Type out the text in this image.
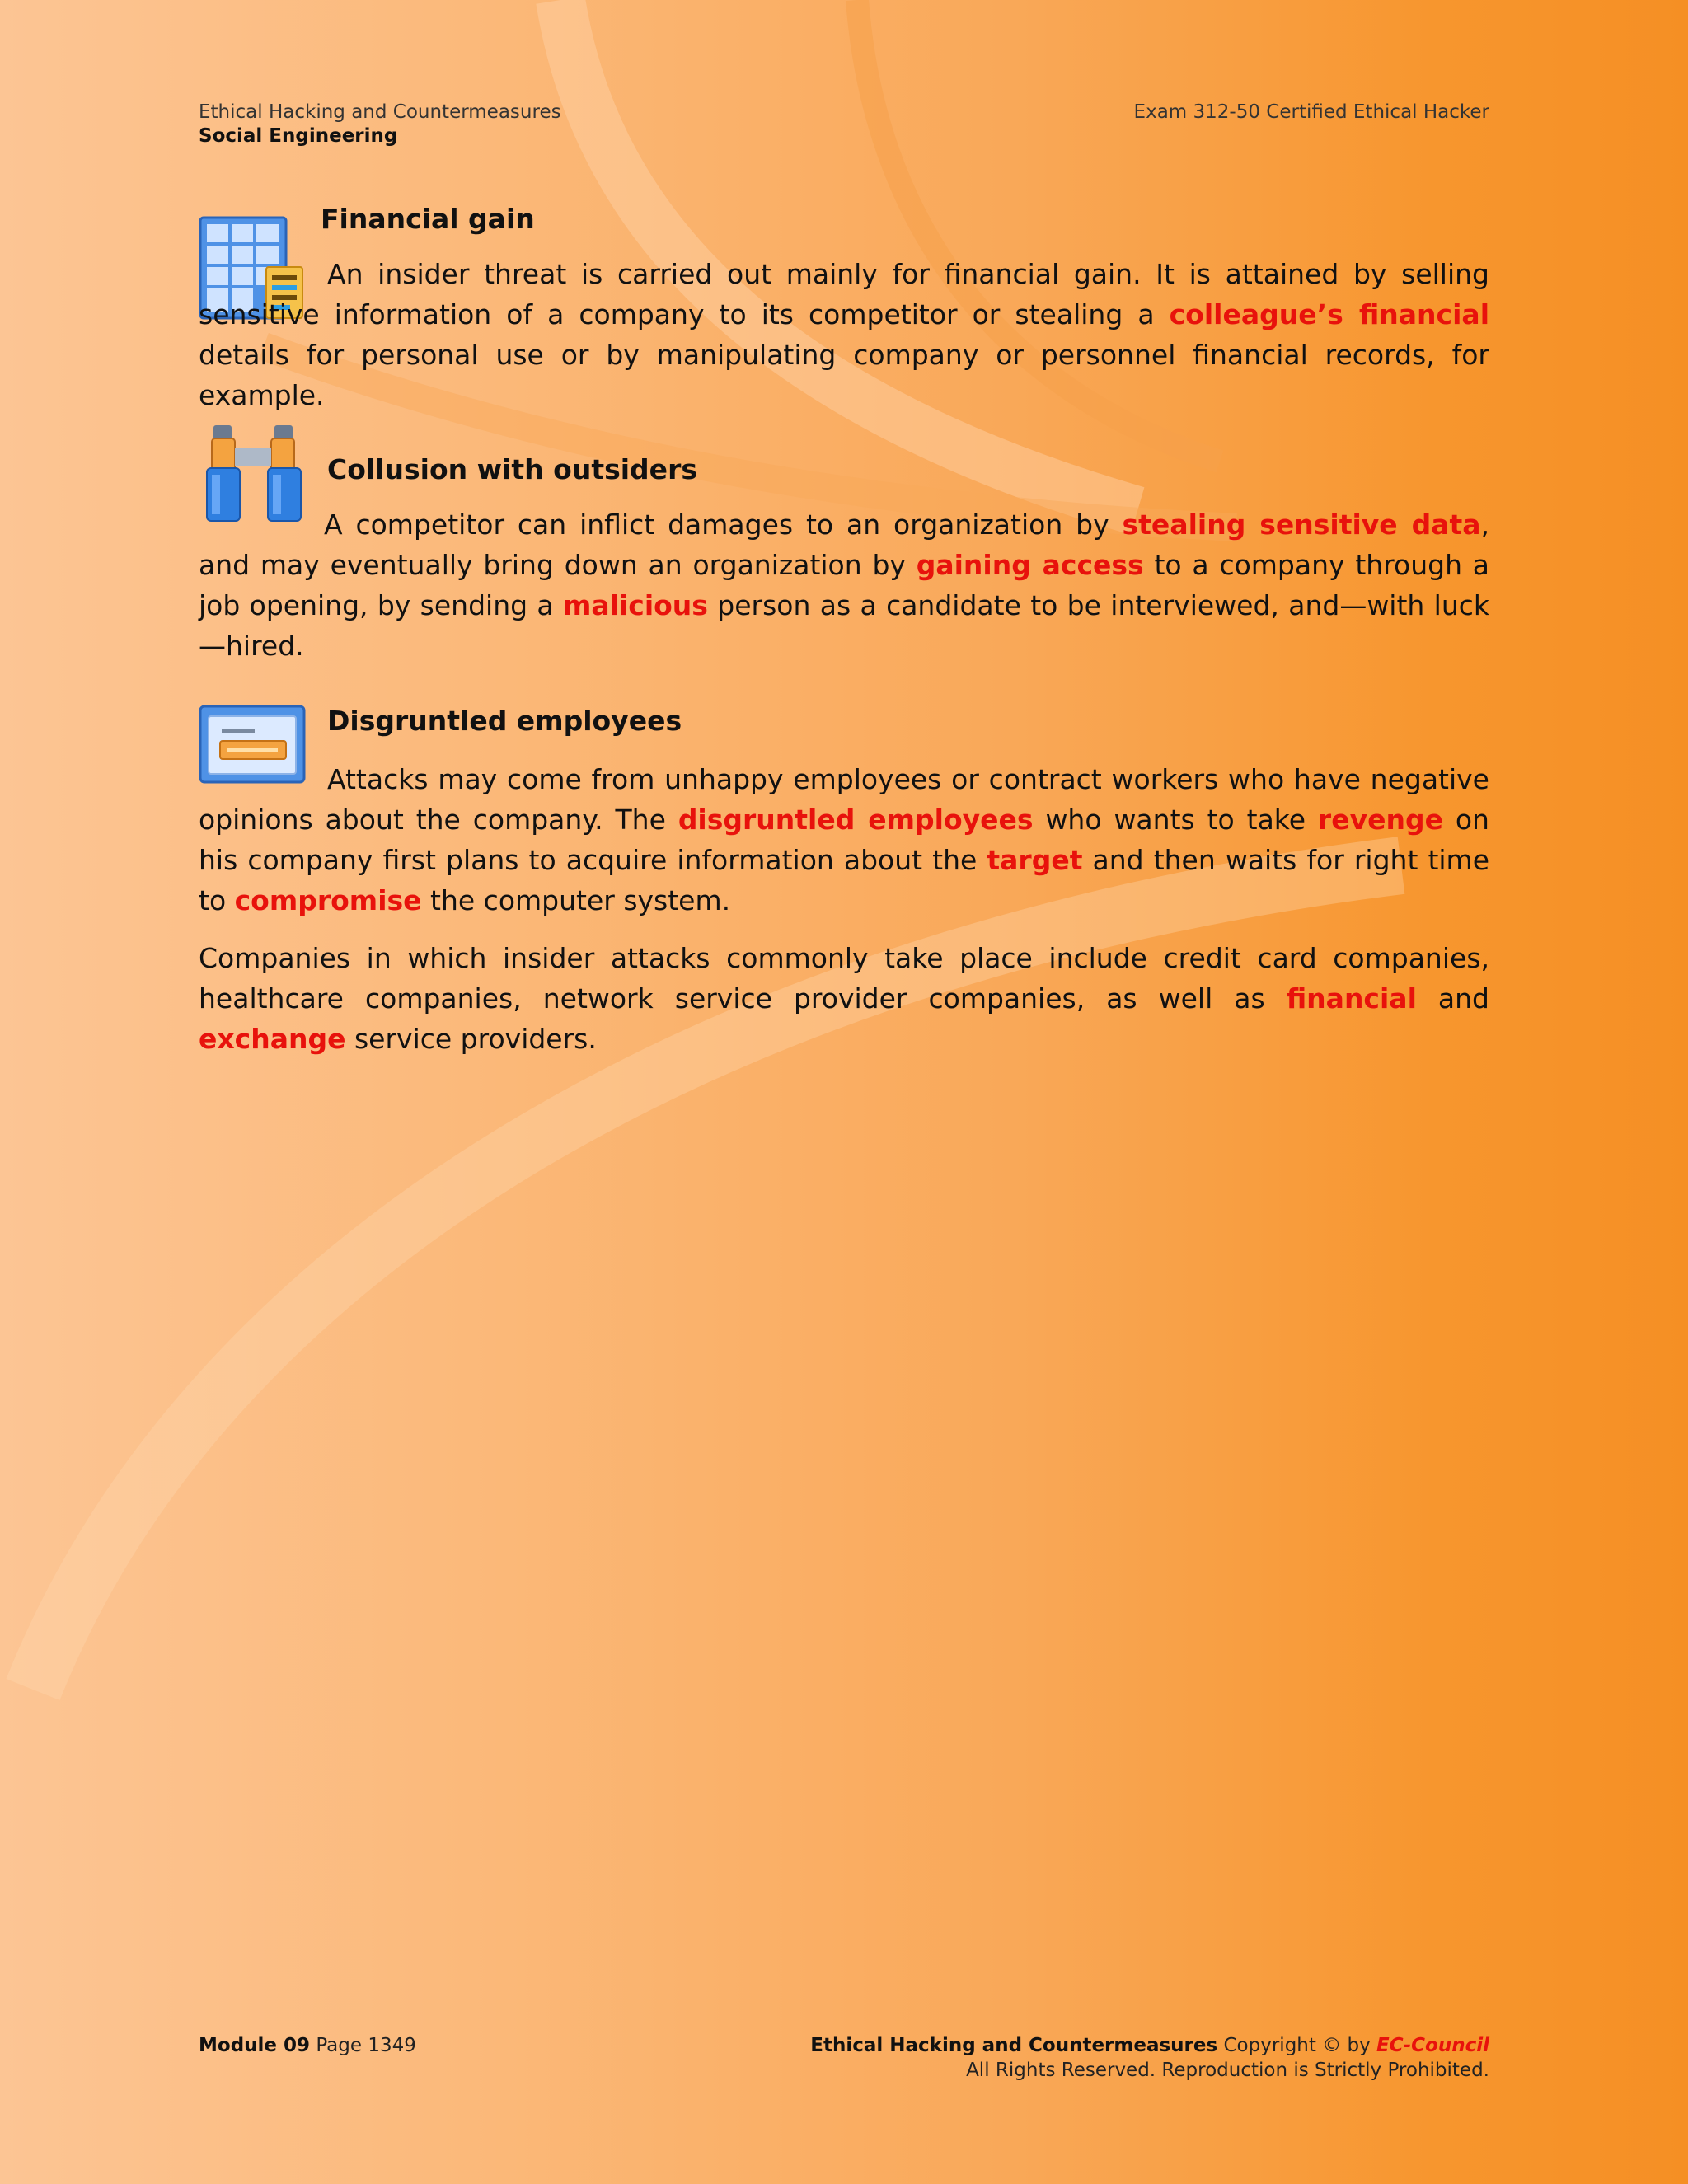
Ethical Hacking and Countermeasures
Social Engineering
Exam 312-50 Certified Ethical Hacker
Financial gain
An insider threat is carried out mainly for financial gain. It is attained by selling sensitive information of a company to its competitor or stealing a colleague’s financial details for personal use or by manipulating company or personnel financial records, for example.
Collusion with outsiders
A competitor can inflict damages to an organization by stealing sensitive data, and may eventually bring down an organization by gaining access to a company through a job opening, by sending a malicious person as a candidate to be interviewed, and—with luck—hired.
Disgruntled employees
Attacks may come from unhappy employees or contract workers who have negative opinions about the company. The disgruntled employees who wants to take revenge on his company first plans to acquire information about the target and then waits for right time to compromise the computer system.
Companies in which insider attacks commonly take place include credit card companies, healthcare companies, network service provider companies, as well as financial and exchange service providers.
Module 09 Page 1349	Ethical Hacking and Countermeasures Copyright © by EC-Council
All Rights Reserved. Reproduction is Strictly Prohibited.
